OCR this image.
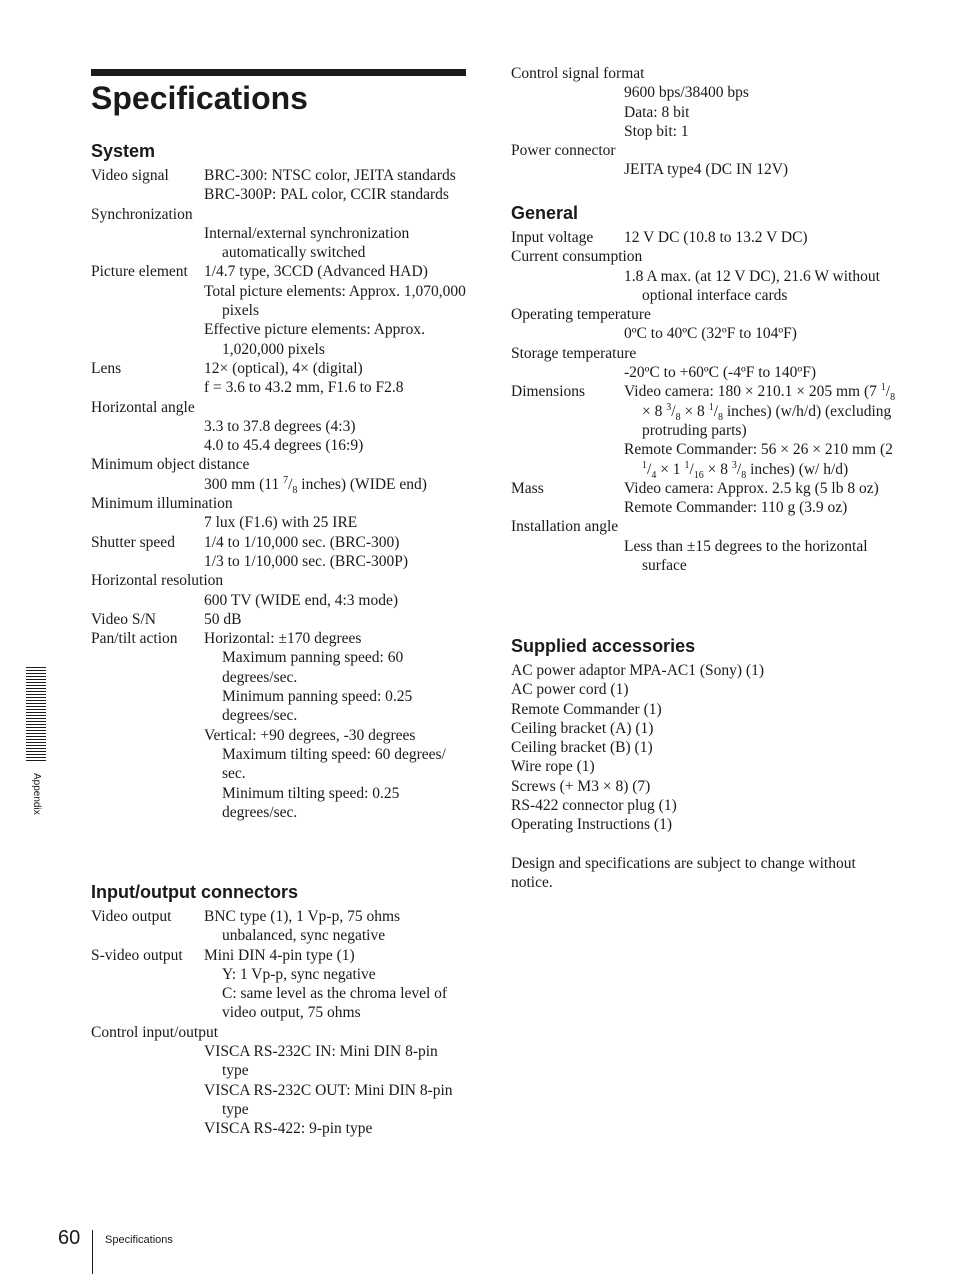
Specifications
System
Video signal	BRC-300: NTSC color, JEITA standards
BRC-300P: PAL color, CCIR standards
Synchronization
Internal/external synchronization automatically switched
Picture element	1/4.7 type, 3CCD (Advanced HAD)
Total picture elements: Approx. 1,070,000 pixels
Effective picture elements: Approx. 1,020,000 pixels
Lens	12× (optical), 4× (digital)
f = 3.6 to 43.2 mm, F1.6 to F2.8
Horizontal angle
3.3 to 37.8 degrees (4:3)
4.0 to 45.4 degrees (16:9)
Minimum object distance
300 mm (11 $^7/_8$ inches) (WIDE end)
Minimum illumination
7 lux (F1.6) with 25 IRE
Shutter speed	1/4 to 1/10,000 sec. (BRC-300)
1/3 to 1/10,000 sec. (BRC-300P)
Horizontal resolution
600 TV (WIDE end, 4:3 mode)
Video S/N	50 dB
Pan/tilt action	Horizontal: ±170 degrees
Maximum panning speed: 60 degrees/sec.
Minimum panning speed: 0.25 degrees/sec.
Vertical: +90 degrees, -30 degrees
Maximum tilting speed: 60 degrees/ sec.
Minimum tilting speed: 0.25 degrees/sec.
Input/output connectors
Video output	BNC type (1), 1 Vp-p, 75 ohms unbalanced, sync negative
S-video output	Mini DIN 4-pin type (1)
Y: 1 Vp-p, sync negative
C: same level as the chroma level of video output, 75 ohms
Control input/output
VISCA RS-232C IN: Mini DIN 8-pin type
VISCA RS-232C OUT: Mini DIN 8-pin type
VISCA RS-422: 9-pin type
Control signal format
9600 bps/38400 bps
Data: 8 bit
Stop bit: 1
Power connector
JEITA type4 (DC IN 12V)
General
Input voltage	12 V DC (10.8 to 13.2 V DC)
Current consumption
1.8 A max. (at 12 V DC), 21.6 W without optional interface cards
Operating temperature
0ºC to 40ºC (32ºF to 104ºF)
Storage temperature
-20ºC to +60ºC (-4ºF to 140ºF)
Dimensions	Video camera: 180 × 210.1 × 205 mm (7 $^1/_8 \times 8$ $^3/_8 \times 8$ $^1/_8$ inches) (w/h/d) (excluding protruding parts)
Remote Commander: 56 × 26 × 210 mm (2 $^1/_4 \times 1$ $^1/_{16} \times 8$ $^3/_8$ inches) (w/ h/d)
Mass	Video camera: Approx. 2.5 kg (5 lb 8 oz)
Remote Commander: 110 g (3.9 oz)
Installation angle
Less than ±15 degrees to the horizontal surface
Supplied accessories
AC power adaptor MPA-AC1 (Sony) (1)
AC power cord (1)
Remote Commander (1)
Ceiling bracket (A) (1)
Ceiling bracket (B) (1)
Wire rope (1)
Screws (+ M3 × 8) (7)
RS-422 connector plug (1)
Operating Instructions (1)
Design and specifications are subject to change without notice.
Appendix
60 Specifications
